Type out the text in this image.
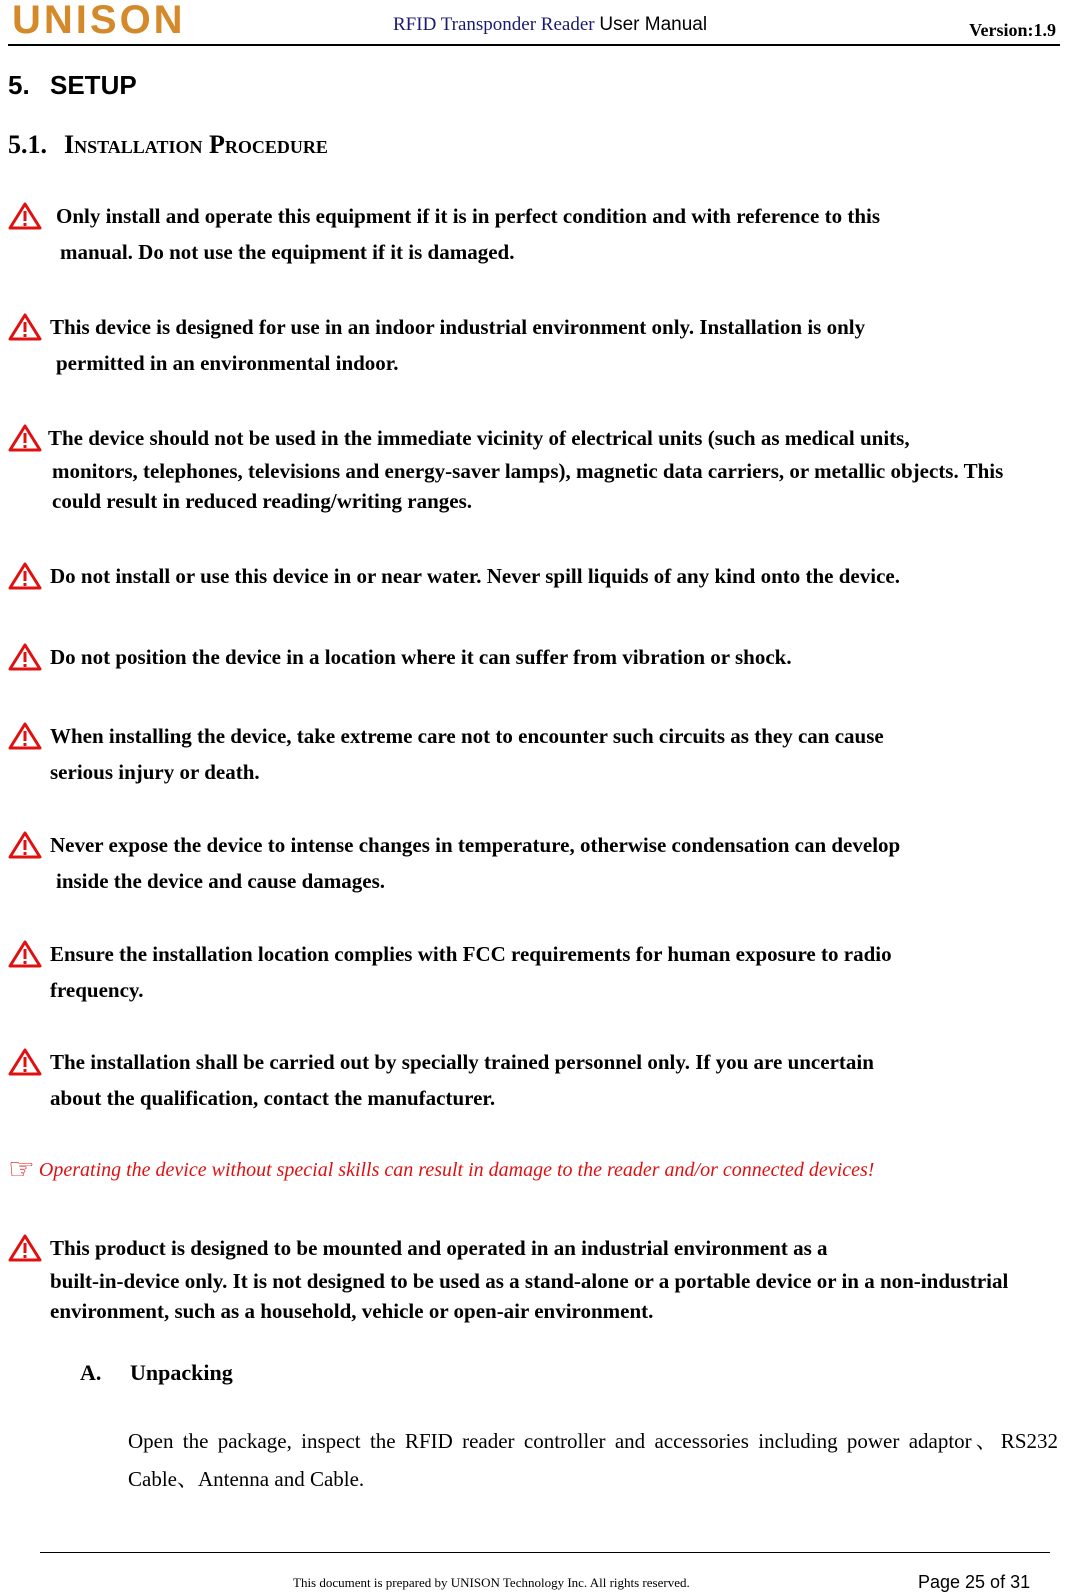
UNISON	RFID Transponder Reader User Manual	Version:1.9
5. SETUP
5.1. Installation Procedure
Only install and operate this equipment if it is in perfect condition and with reference to this
manual. Do not use the equipment if it is damaged.
This device is designed for use in an indoor industrial environment only. Installation is only
permitted in an environmental indoor.
The device should not be used in the immediate vicinity of electrical units (such as medical units,
monitors, telephones, televisions and energy-saver lamps), magnetic data carriers, or metallic objects. This could result in reduced reading/writing ranges.
Do not install or use this device in or near water. Never spill liquids of any kind onto the device.
Do not position the device in a location where it can suffer from vibration or shock.
When installing the device, take extreme care not to encounter such circuits as they can cause
serious injury or death.
Never expose the device to intense changes in temperature, otherwise condensation can develop
inside the device and cause damages.
Ensure the installation location complies with FCC requirements for human exposure to radio
frequency.
The installation shall be carried out by specially trained personnel only. If you are uncertain
about the qualification, contact the manufacturer.
☞ Operating the device without special skills can result in damage to the reader and/or connected devices!
This product is designed to be mounted and operated in an industrial environment as a
built-in-device only. It is not designed to be used as a stand-alone or a portable device or in a non-industrial environment, such as a household, vehicle or open-air environment.
A. Unpacking
Open the package, inspect the RFID reader controller and accessories including power adaptor、RS232 Cable、Antenna and Cable.
This document is prepared by UNISON Technology Inc. All rights reserved.	Page 25 of 31
